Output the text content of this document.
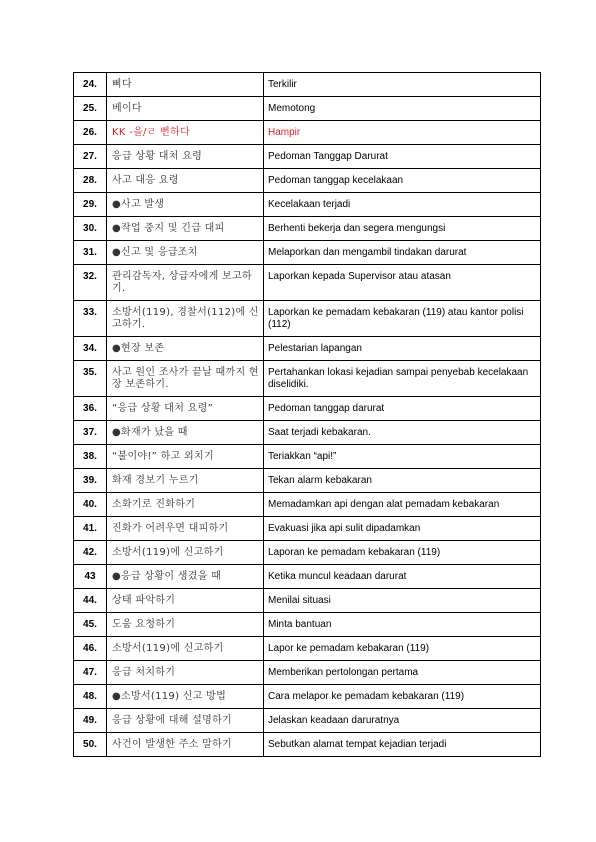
24.	삐다	Terkilir
25.	베이다	Memotong
26.	KK -을/ㄹ 뻔하다	Hampir
27.	응급 상황 대처 요령	Pedoman Tanggap Darurat
28.	사고 대응 요령	Pedoman tanggap kecelakaan
29.	●사고 발생	Kecelakaan terjadi
30.	●작업 중지 및 긴급 대피	Berhenti bekerja dan segera mengungsi
31.	●신고 및 응급조치	Melaporkan dan mengambil tindakan darurat
32.	관리감독자, 상급자에게 보고하기.	Laporkan kepada Supervisor atau atasan
33.	소방서(119), 경찰서(112)에 신고하기.	Laporkan ke pemadam kebakaran (119) atau kantor polisi (112)
34.	●현장 보존	Pelestarian lapangan
35.	사고 원인 조사가 끝날 때까지 현장 보존하기.	Pertahankan lokasi kejadian sampai penyebab kecelakaan diselidiki.
36.	“응급 상황 대처 요령”	Pedoman tanggap darurat
37.	●화재가 났을 때	Saat terjadi kebakaran.
38.	“불이야!” 하고 외치기	Teriakkan “api!”
39.	화재 경보기 누르기	Tekan alarm kebakaran
40.	소화기로 진화하기	Memadamkan api dengan alat pemadam kebakaran
41.	진화가 어려우면 대피하기	Evakuasi jika api sulit dipadamkan
42.	소방서(119)에 신고하기	Laporan ke pemadam kebakaran (119)
43	●응급 상황이 생겼을 때	Ketika muncul keadaan darurat
44.	상태 파악하기	Menilai situasi
45.	도움 요청하기	Minta bantuan
46.	소방서(119)에 신고하기	Lapor ke pemadam kebakaran (119)
47.	응급 처치하기	Memberikan pertolongan pertama
48.	●소방서(119) 신고 방법	Cara melapor ke pemadam kebakaran (119)
49.	응급 상황에 대해 설명하기	Jelaskan keadaan daruratnya
50.	사건이 발생한 주소 말하기	Sebutkan alamat tempat kejadian terjadi
